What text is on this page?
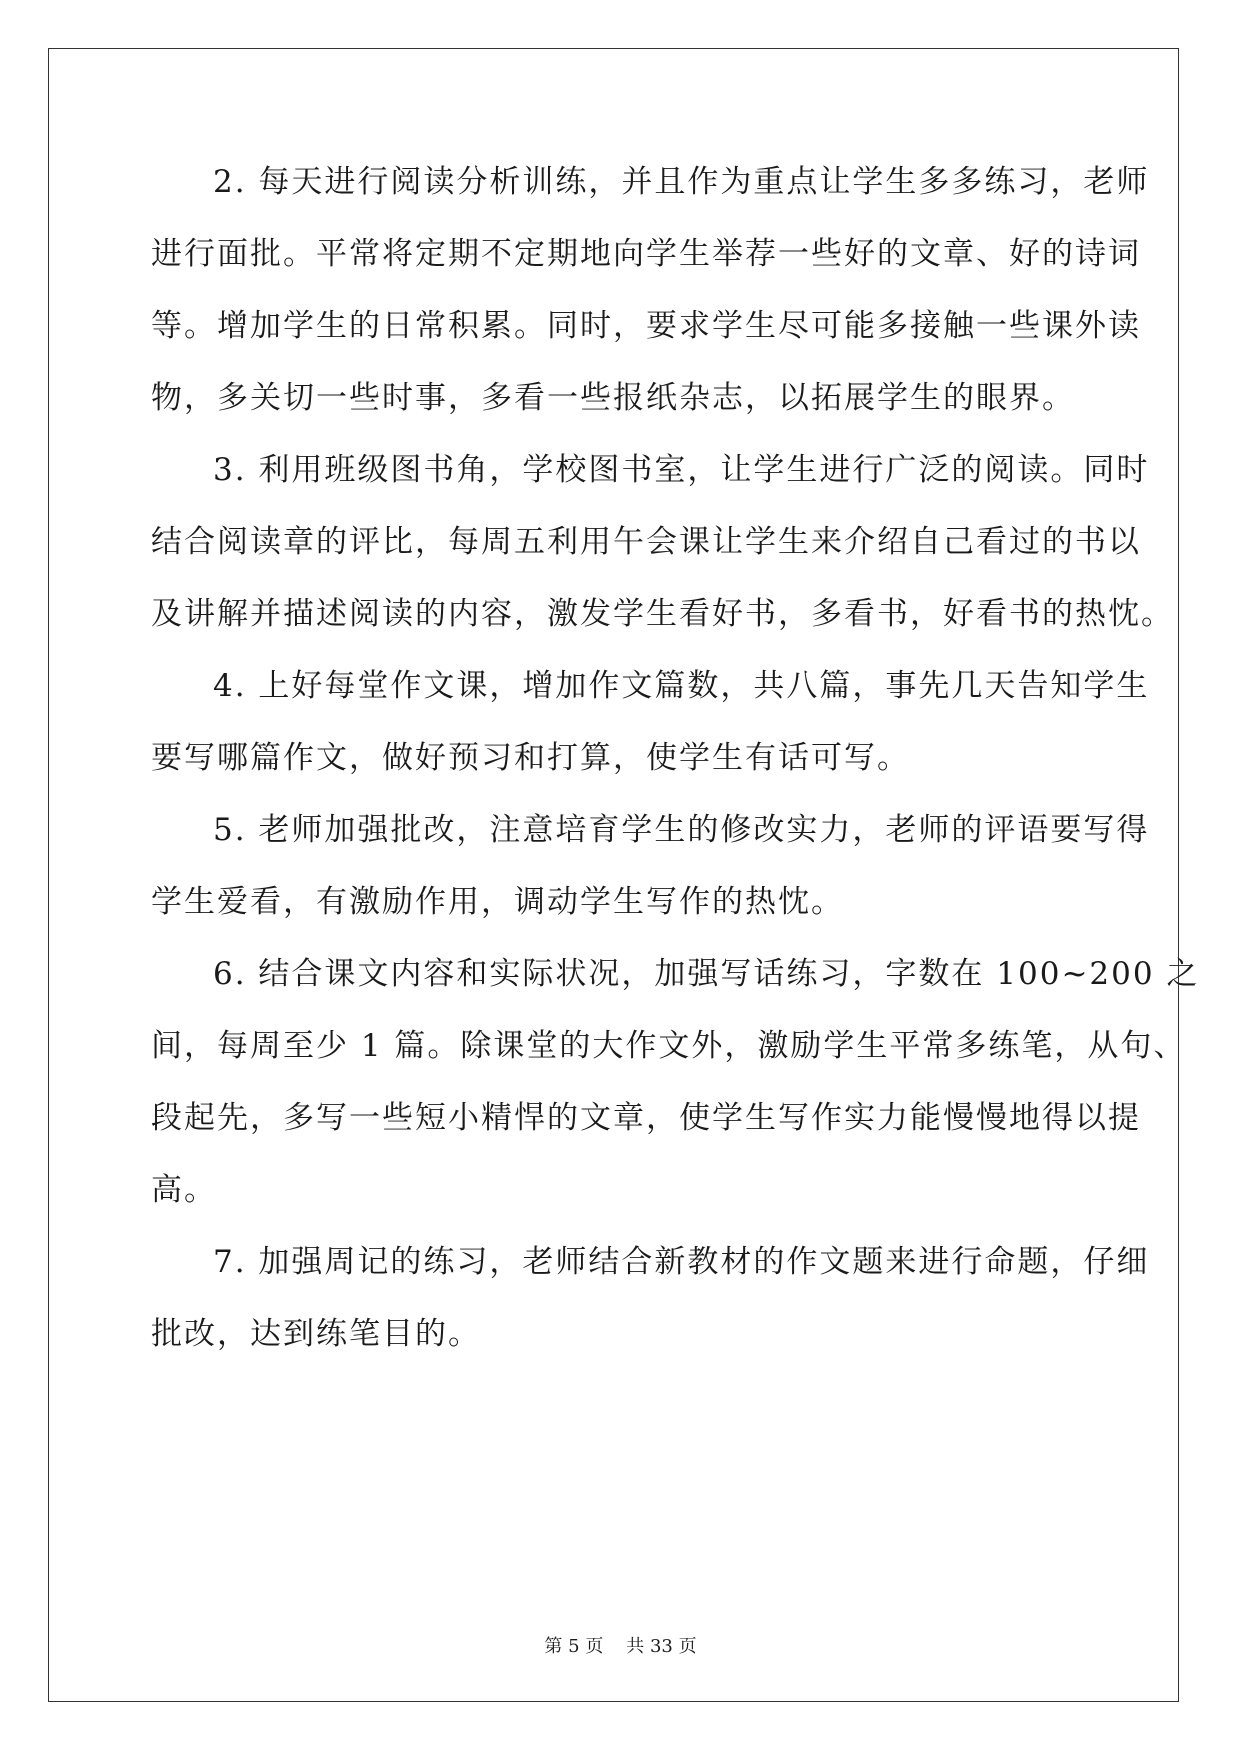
2. 每天进行阅读分析训练，并且作为重点让学生多多练习，老师
进行面批。平常将定期不定期地向学生举荐一些好的文章、好的诗词
等。增加学生的日常积累。同时，要求学生尽可能多接触一些课外读
物，多关切一些时事，多看一些报纸杂志，以拓展学生的眼界。
3. 利用班级图书角，学校图书室，让学生进行广泛的阅读。同时
结合阅读章的评比，每周五利用午会课让学生来介绍自己看过的书以
及讲解并描述阅读的内容，激发学生看好书，多看书，好看书的热忱。
4. 上好每堂作文课，增加作文篇数，共八篇，事先几天告知学生
要写哪篇作文，做好预习和打算，使学生有话可写。
5. 老师加强批改，注意培育学生的修改实力，老师的评语要写得
学生爱看，有激励作用，调动学生写作的热忱。
6. 结合课文内容和实际状况，加强写话练习，字数在 100~200 之
间，每周至少 1 篇。除课堂的大作文外，激励学生平常多练笔，从句、
段起先，多写一些短小精悍的文章，使学生写作实力能慢慢地得以提
高。
7. 加强周记的练习，老师结合新教材的作文题来进行命题，仔细
批改，达到练笔目的。
第 5 页 共 33 页
